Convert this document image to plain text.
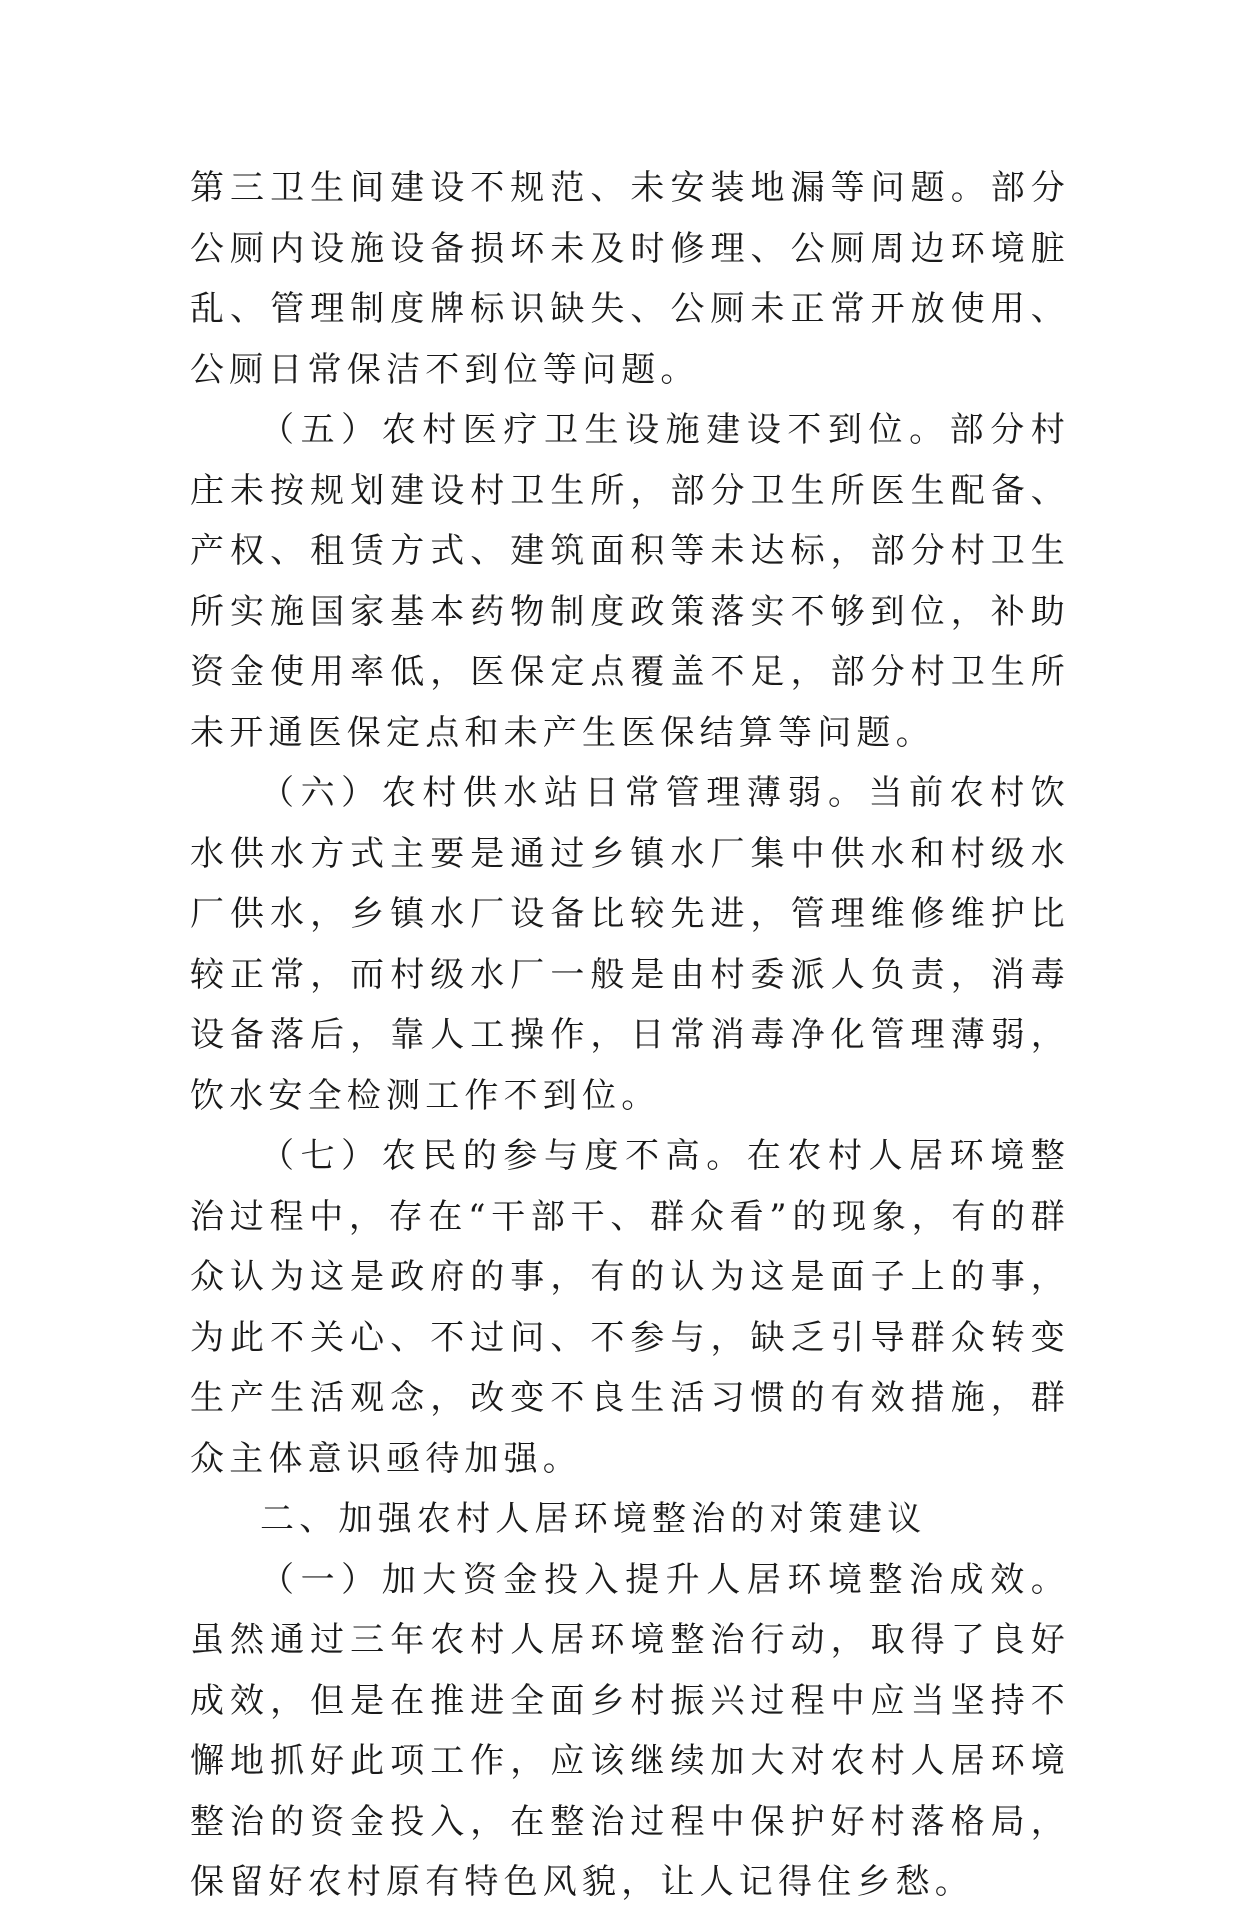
第三卫生间建设不规范、未安装地漏等问题。部分公厕内设施设备损坏未及时修理、公厕周边环境脏乱、管理制度牌标识缺失、公厕未正常开放使用、公厕日常保洁不到位等问题。

（五）农村医疗卫生设施建设不到位。部分村庄未按规划建设村卫生所，部分卫生所医生配备、产权、租赁方式、建筑面积等未达标，部分村卫生所实施国家基本药物制度政策落实不够到位，补助资金使用率低，医保定点覆盖不足，部分村卫生所未开通医保定点和未产生医保结算等问题。

（六）农村供水站日常管理薄弱。当前农村饮水供水方式主要是通过乡镇水厂集中供水和村级水厂供水，乡镇水厂设备比较先进，管理维修维护比较正常，而村级水厂一般是由村委派人负责，消毒设备落后，靠人工操作，日常消毒净化管理薄弱，饮水安全检测工作不到位。

（七）农民的参与度不高。在农村人居环境整治过程中，存在“干部干、群众看”的现象，有的群众认为这是政府的事，有的认为这是面子上的事，为此不关心、不过问、不参与，缺乏引导群众转变生产生活观念，改变不良生活习惯的有效措施，群众主体意识亟待加强。

二、加强农村人居环境整治的对策建议

（一）加大资金投入提升人居环境整治成效。虽然通过三年农村人居环境整治行动，取得了良好成效，但是在推进全面乡村振兴过程中应当坚持不懈地抓好此项工作，应该继续加大对农村人居环境整治的资金投入，在整治过程中保护好村落格局，保留好农村原有特色风貌，让人记得住乡愁。
